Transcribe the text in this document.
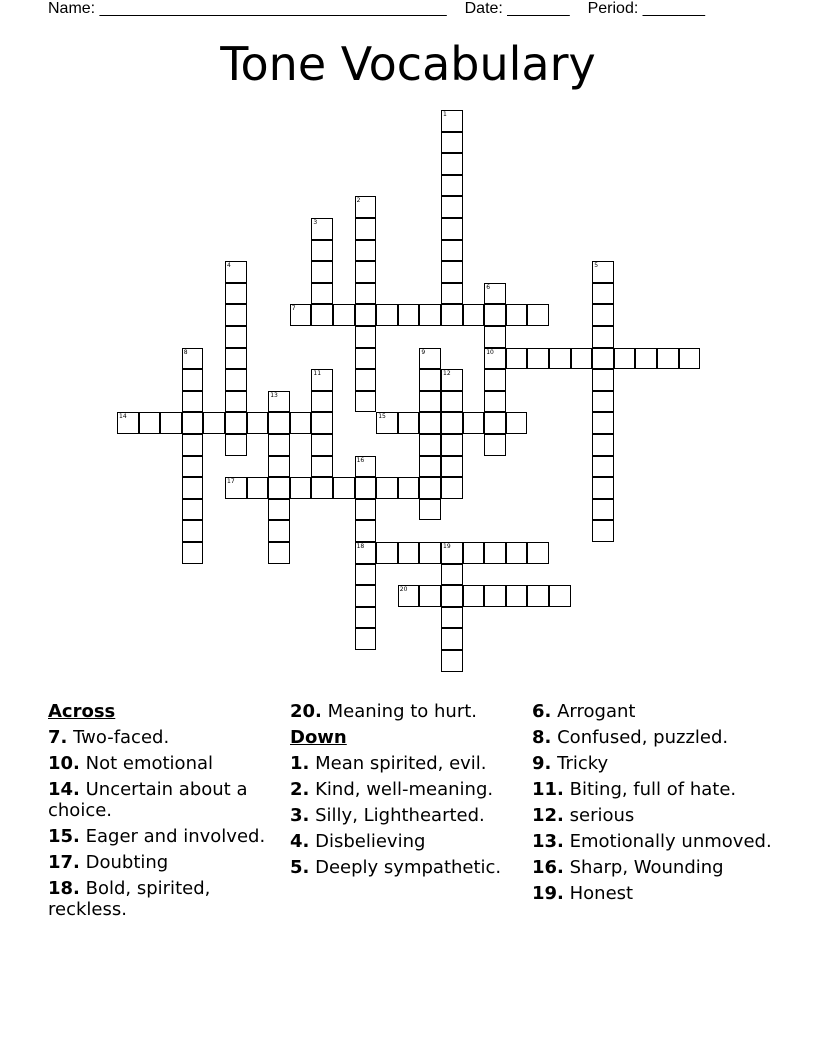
Name: _______________________________________ Date: _______ Period: _______
Tone Vocabulary
1
2
3
4	5
6
7
8	9	10
11	12
13
14	15
16
17
18	19
20
Across
7. Two-faced.
10. Not emotional
14. Uncertain about a choice.
15. Eager and involved.
17. Doubting
18. Bold, spirited, reckless.
20. Meaning to hurt.
Down
1. Mean spirited, evil.
2. Kind, well-meaning.
3. Silly, Lighthearted.
4. Disbelieving
5. Deeply sympathetic.
6. Arrogant
8. Confused, puzzled.
9. Tricky
11. Biting, full of hate.
12. serious
13. Emotionally unmoved.
16. Sharp, Wounding
19. Honest
